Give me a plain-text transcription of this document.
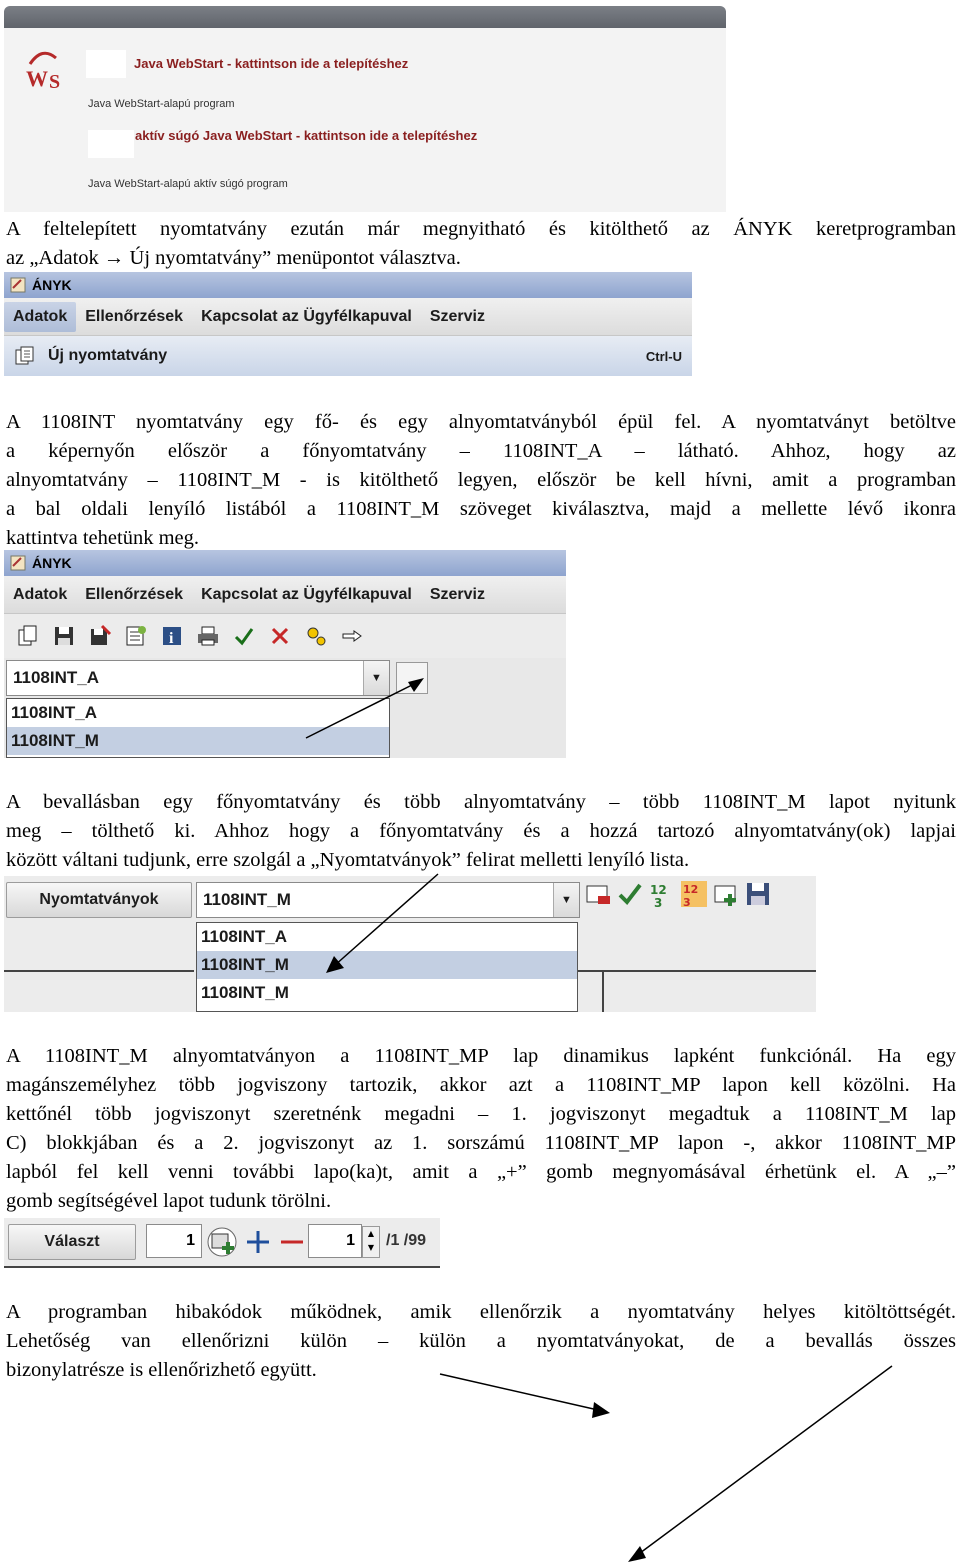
W S
Java WebStart - kattintson ide a telepítéshez
Java WebStart-alapú program
aktív súgó Java WebStart - kattintson ide a telepítéshez
Java WebStart-alapú aktív súgó program
A feltelepített nyomtatvány ezután már megnyitható és kitölthető az ÁNYK keretprogramban
az „Adatok → Új nyomtatvány” menüpontot választva.
ÁNYK
Adatok	Ellenőrzések	Kapcsolat az Ügyfélkapuval	Szerviz
Új nyomtatvány	Ctrl-U
A 1108INT nyomtatvány egy fő- és egy alnyomtatványból épül fel. A nyomtatványt betöltve
a képernyőn először a főnyomtatvány – 1108INT_A – látható. Ahhoz, hogy az
alnyomtatvány – 1108INT_M - is kitölthető legyen, először be kell hívni, amit a programban
a bal oldali lenyíló listából a 1108INT_M szöveget kiválasztva, majd a mellette lévő ikonra
kattintva tehetünk meg.
ÁNYK
Adatok	Ellenőrzések	Kapcsolat az Ügyfélkapuval	Szerviz
i
1108INT_A	▼
1108INT_A
1108INT_M
A bevallásban egy főnyomtatvány és több alnyomtatvány – több 1108INT_M lapot nyitunk
meg – tölthető ki. Ahhoz hogy a főnyomtatvány és a hozzá tartozó alnyomtatvány(ok) lapjai
között váltani tudjunk, erre szolgál a „Nyomtatványok” felirat melletti lenyíló lista.
Nyomtatványok	1108INT_M	▼
12
3
12
3
1108INT_A
1108INT_M
1108INT_M
A 1108INT_M alnyomtatványon a 1108INT_MP lap dinamikus lapként funkciónál. Ha egy
magánszemélyhez több jogviszony tartozik, akkor azt a 1108INT_MP lapon kell közölni. Ha
kettőnél több jogviszonyt szeretnénk megadni – 1. jogviszonyt megadtuk a 1108INT_M lap
C) blokkjában és a 2. jogviszonyt az 1. sorszámú 1108INT_MP lapon -, akkor 1108INT_MP
lapból fel kell venni további lapo(ka)t, amit a „+” gomb megnyomásával érhetünk el. A „–”
gomb segítségével lapot tudunk törölni.
Választ	1	1	▲
▼ /1 /99
A programban hibakódok működnek, amik ellenőrzik a nyomtatvány helyes kitöltöttségét.
Lehetőség van ellenőrizni külön – külön a nyomtatványokat, de a bevallás összes
bizonylatrésze is ellenőrizhető együtt.
